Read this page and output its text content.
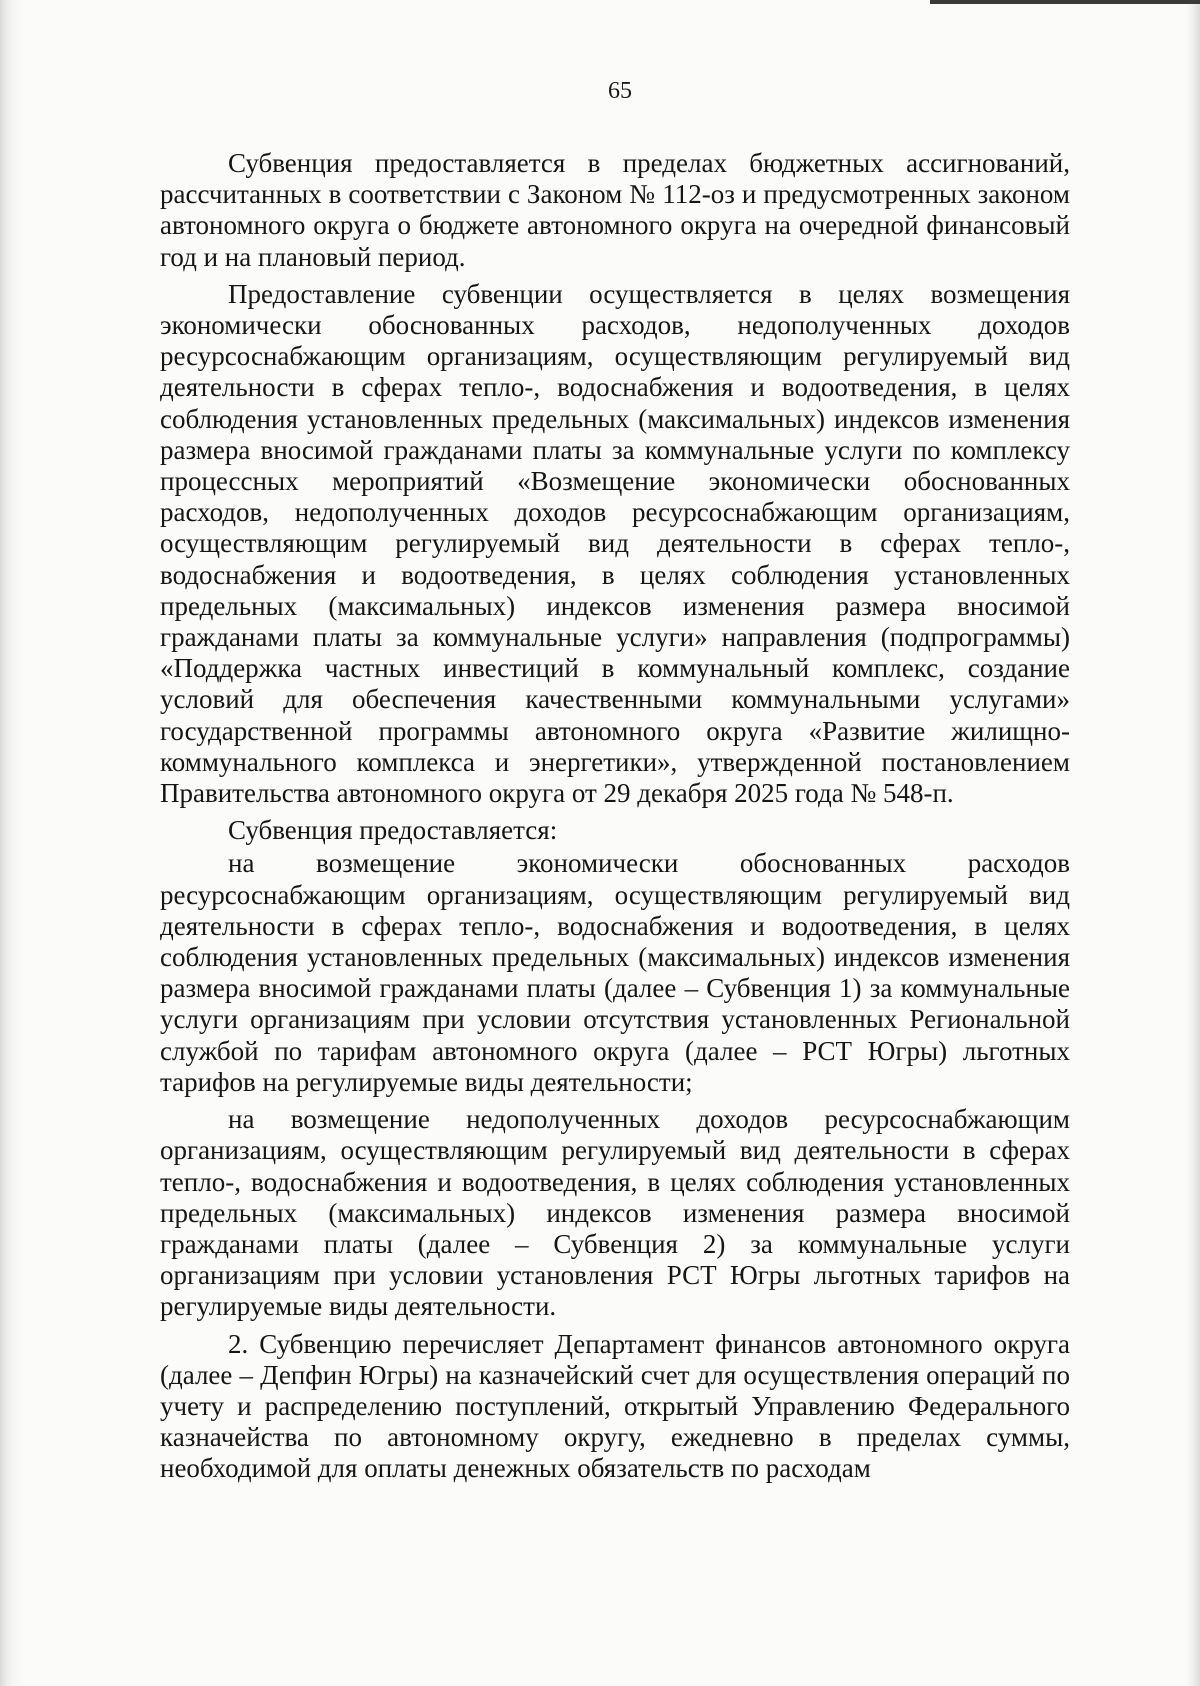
65

Субвенция предоставляется в пределах бюджетных ассигнований, рассчитанных в соответствии с Законом № 112-оз и предусмотренных законом автономного округа о бюджете автономного округа на очередной финансовый год и на плановый период.

Предоставление субвенции осуществляется в целях возмещения экономически обоснованных расходов, недополученных доходов ресурсоснабжающим организациям, осуществляющим регулируемый вид деятельности в сферах тепло-, водоснабжения и водоотведения, в целях соблюдения установленных предельных (максимальных) индексов изменения размера вносимой гражданами платы за коммунальные услуги по комплексу процессных мероприятий «Возмещение экономически обоснованных расходов, недополученных доходов ресурсоснабжающим организациям, осуществляющим регулируемый вид деятельности в сферах тепло-, водоснабжения и водоотведения, в целях соблюдения установленных предельных (максимальных) индексов изменения размера вносимой гражданами платы за коммунальные услуги» направления (подпрограммы) «Поддержка частных инвестиций в коммунальный комплекс, создание условий для обеспечения качественными коммунальными услугами» государственной программы автономного округа «Развитие жилищно-коммунального комплекса и энергетики», утвержденной постановлением Правительства автономного округа от 29 декабря 2025 года № 548-п.

Субвенция предоставляется:

на возмещение экономически обоснованных расходов ресурсоснабжающим организациям, осуществляющим регулируемый вид деятельности в сферах тепло-, водоснабжения и водоотведения, в целях соблюдения установленных предельных (максимальных) индексов изменения размера вносимой гражданами платы (далее – Субвенция 1) за коммунальные услуги организациям при условии отсутствия установленных Региональной службой по тарифам автономного округа (далее – РСТ Югры) льготных тарифов на регулируемые виды деятельности;

на возмещение недополученных доходов ресурсоснабжающим организациям, осуществляющим регулируемый вид деятельности в сферах тепло-, водоснабжения и водоотведения, в целях соблюдения установленных предельных (максимальных) индексов изменения размера вносимой гражданами платы (далее – Субвенция 2) за коммунальные услуги организациям при условии установления РСТ Югры льготных тарифов на регулируемые виды деятельности.

2. Субвенцию перечисляет Департамент финансов автономного округа (далее – Депфин Югры) на казначейский счет для осуществления операций по учету и распределению поступлений, открытый Управлению Федерального казначейства по автономному округу, ежедневно в пределах суммы, необходимой для оплаты денежных обязательств по расходам
